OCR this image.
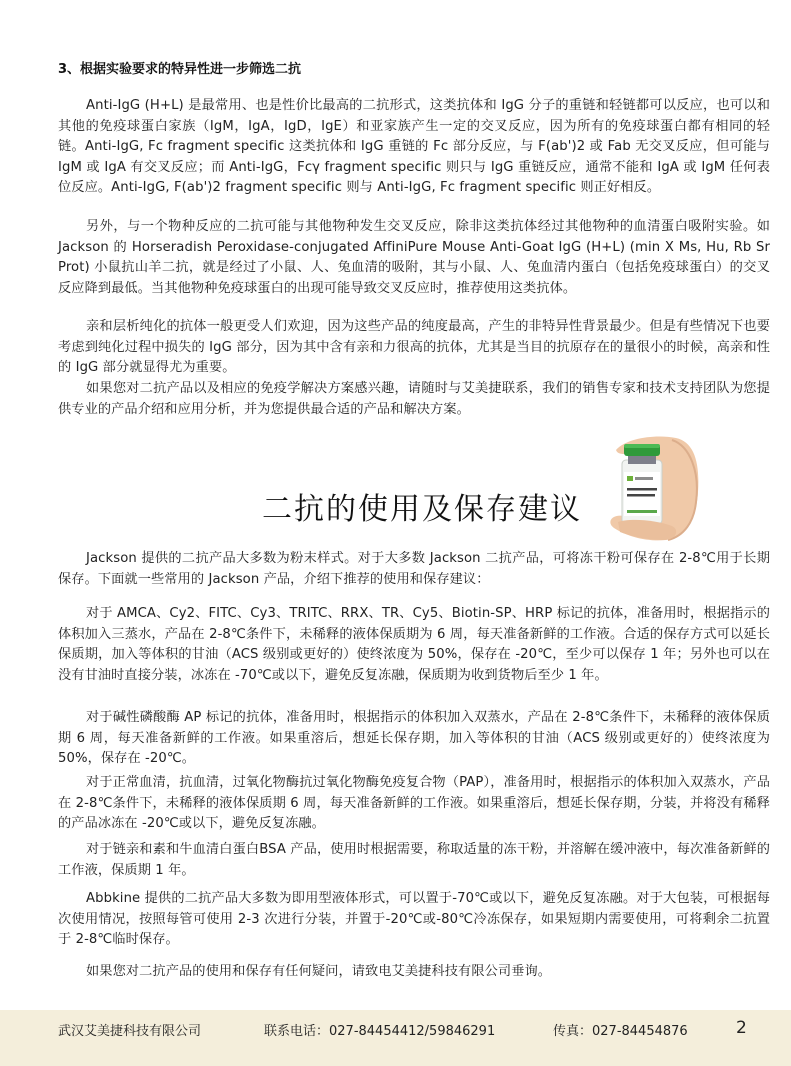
3、根据实验要求的特异性进一步筛选二抗

Anti-IgG (H+L) 是最常用、也是性价比最高的二抗形式，这类抗体和 IgG 分子的重链和轻链都可以反应，也可以和其他的免疫球蛋白家族（IgM，IgA，IgD，IgE）和亚家族产生一定的交叉反应，因为所有的免疫球蛋白都有相同的轻链。Anti-IgG, Fc fragment specific 这类抗体和 IgG 重链的 Fc 部分反应，与 F(ab')2 或 Fab 无交叉反应，但可能与 IgM 或 IgA 有交叉反应；而 Anti-IgG，Fcγ fragment specific 则只与 IgG 重链反应，通常不能和 IgA 或 IgM 任何表位反应。Anti-IgG, F(ab')2 fragment specific 则与 Anti-IgG, Fc fragment specific 则正好相反。

另外，与一个物种反应的二抗可能与其他物种发生交叉反应，除非这类抗体经过其他物种的血清蛋白吸附实验。如 Jackson 的 Horseradish Peroxidase-conjugated AffiniPure Mouse Anti-Goat IgG (H+L) (min X Ms, Hu, Rb Sr Prot) 小鼠抗山羊二抗，就是经过了小鼠、人、兔血清的吸附，其与小鼠、人、兔血清内蛋白（包括免疫球蛋白）的交叉反应降到最低。当其他物种免疫球蛋白的出现可能导致交叉反应时，推荐使用这类抗体。

亲和层析纯化的抗体一般更受人们欢迎，因为这些产品的纯度最高，产生的非特异性背景最少。但是有些情况下也要考虑到纯化过程中损失的 IgG 部分，因为其中含有亲和力很高的抗体，尤其是当目的抗原存在的量很小的时候，高亲和性的 IgG 部分就显得尤为重要。

如果您对二抗产品以及相应的免疫学解决方案感兴趣，请随时与艾美捷联系，我们的销售专家和技术支持团队为您提供专业的产品介绍和应用分析，并为您提供最合适的产品和解决方案。

二抗的使用及保存建议

Jackson 提供的二抗产品大多数为粉末样式。对于大多数 Jackson 二抗产品，可将冻干粉可保存在 2-8℃用于长期保存。下面就一些常用的 Jackson 产品，介绍下推荐的使用和保存建议：

对于 AMCA、Cy2、FITC、Cy3、TRITC、RRX、TR、Cy5、Biotin-SP、HRP 标记的抗体，准备用时，根据指示的体积加入三蒸水，产品在 2-8℃条件下，未稀释的液体保质期为 6 周，每天准备新鲜的工作液。合适的保存方式可以延长保质期，加入等体积的甘油（ACS 级别或更好的）使终浓度为 50%，保存在 -20℃，至少可以保存 1 年；另外也可以在没有甘油时直接分装，冰冻在 -70℃或以下，避免反复冻融，保质期为收到货物后至少 1 年。

对于碱性磷酸酶 AP 标记的抗体，准备用时，根据指示的体积加入双蒸水，产品在 2-8℃条件下，未稀释的液体保质期 6 周，每天准备新鲜的工作液。如果重溶后，想延长保存期，加入等体积的甘油（ACS 级别或更好的）使终浓度为 50%，保存在 -20℃。

对于正常血清，抗血清，过氧化物酶抗过氧化物酶免疫复合物（PAP），准备用时，根据指示的体积加入双蒸水，产品在 2-8℃条件下，未稀释的液体保质期 6 周，每天准备新鲜的工作液。如果重溶后，想延长保存期，分装，并将没有稀释的产品冰冻在 -20℃或以下，避免反复冻融。

对于链亲和素和牛血清白蛋白BSA 产品，使用时根据需要，称取适量的冻干粉，并溶解在缓冲液中，每次准备新鲜的工作液，保质期 1 年。

Abbkine 提供的二抗产品大多数为即用型液体形式，可以置于-70℃或以下，避免反复冻融。对于大包装，可根据每次使用情况，按照每管可使用 2-3 次进行分装，并置于-20℃或-80℃冷冻保存，如果短期内需要使用，可将剩余二抗置于 2-8℃临时保存。

如果您对二抗产品的使用和保存有任何疑问，请致电艾美捷科技有限公司垂询。

武汉艾美捷科技有限公司	联系电话：027-84454412/59846291	传真：027-84454876	2
